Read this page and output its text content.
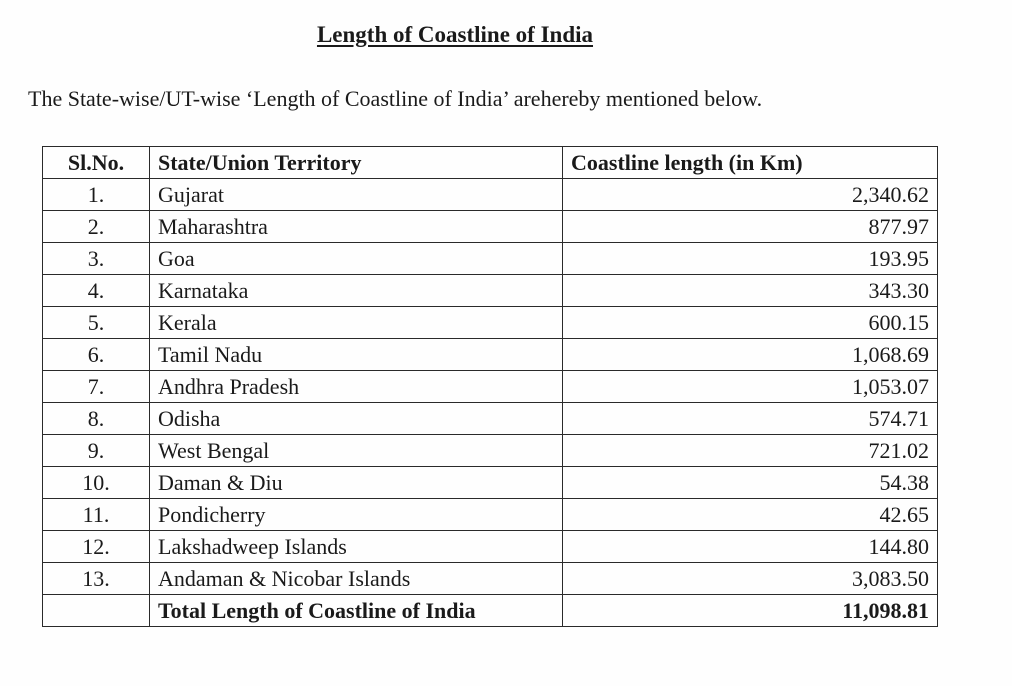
Length of Coastline of India
The State-wise/UT-wise ‘Length of Coastline of India’ arehereby mentioned below.
Sl.No.	State/Union Territory	Coastline length (in Km)
1.	Gujarat	2,340.62
2.	Maharashtra	877.97
3.	Goa	193.95
4.	Karnataka	343.30
5.	Kerala	600.15
6.	Tamil Nadu	1,068.69
7.	Andhra Pradesh	1,053.07
8.	Odisha	574.71
9.	West Bengal	721.02
10.	Daman & Diu	54.38
11.	Pondicherry	42.65
12.	Lakshadweep Islands	144.80
13.	Andaman & Nicobar Islands	3,083.50
	Total Length of Coastline of India	11,098.81
